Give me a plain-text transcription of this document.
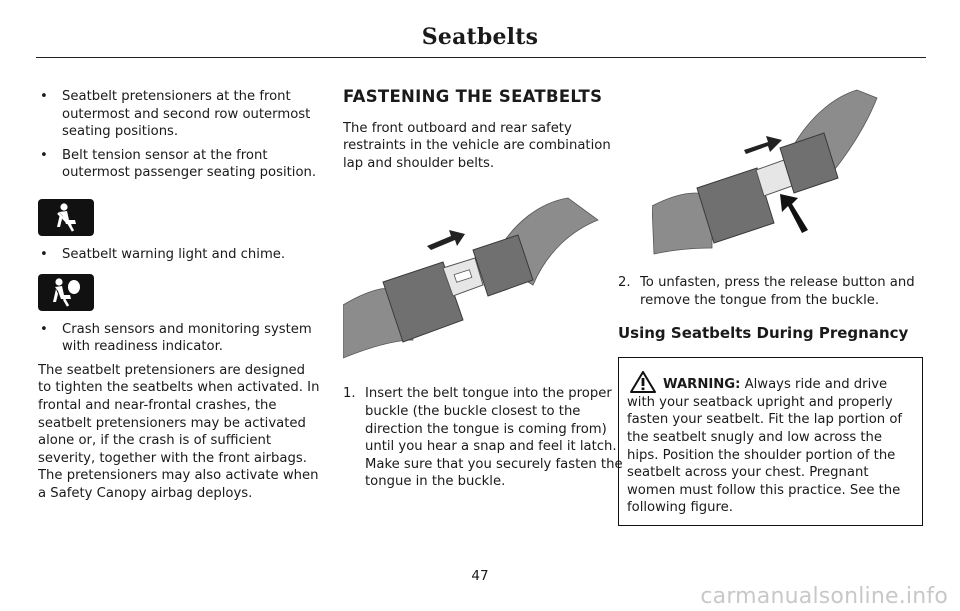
Seatbelts
• Seatbelt pretensioners at the front outermost and second row outermost seating positions.
• Belt tension sensor at the front outermost passenger seating position.
• Seatbelt warning light and chime.
• Crash sensors and monitoring system with readiness indicator.

The seatbelt pretensioners are designed to tighten the seatbelts when activated. In frontal and near-frontal crashes, the seatbelt pretensioners may be activated alone or, if the crash is of sufficient severity, together with the front airbags. The pretensioners may also activate when a Safety Canopy airbag deploys.

FASTENING THE SEATBELTS

The front outboard and rear safety restraints in the vehicle are combination lap and shoulder belts.

1. Insert the belt tongue into the proper buckle (the buckle closest to the direction the tongue is coming from) until you hear a snap and feel it latch. Make sure that you securely fasten the tongue in the buckle.
2. To unfasten, press the release button and remove the tongue from the buckle.
Using Seatbelts During Pregnancy
WARNING: Always ride and drive with your seatback upright and properly fasten your seatbelt. Fit the lap portion of the seatbelt snugly and low across the hips. Position the shoulder portion of the seatbelt across your chest. Pregnant women must follow this practice. See the following figure.
47
carmanualsonline.info
